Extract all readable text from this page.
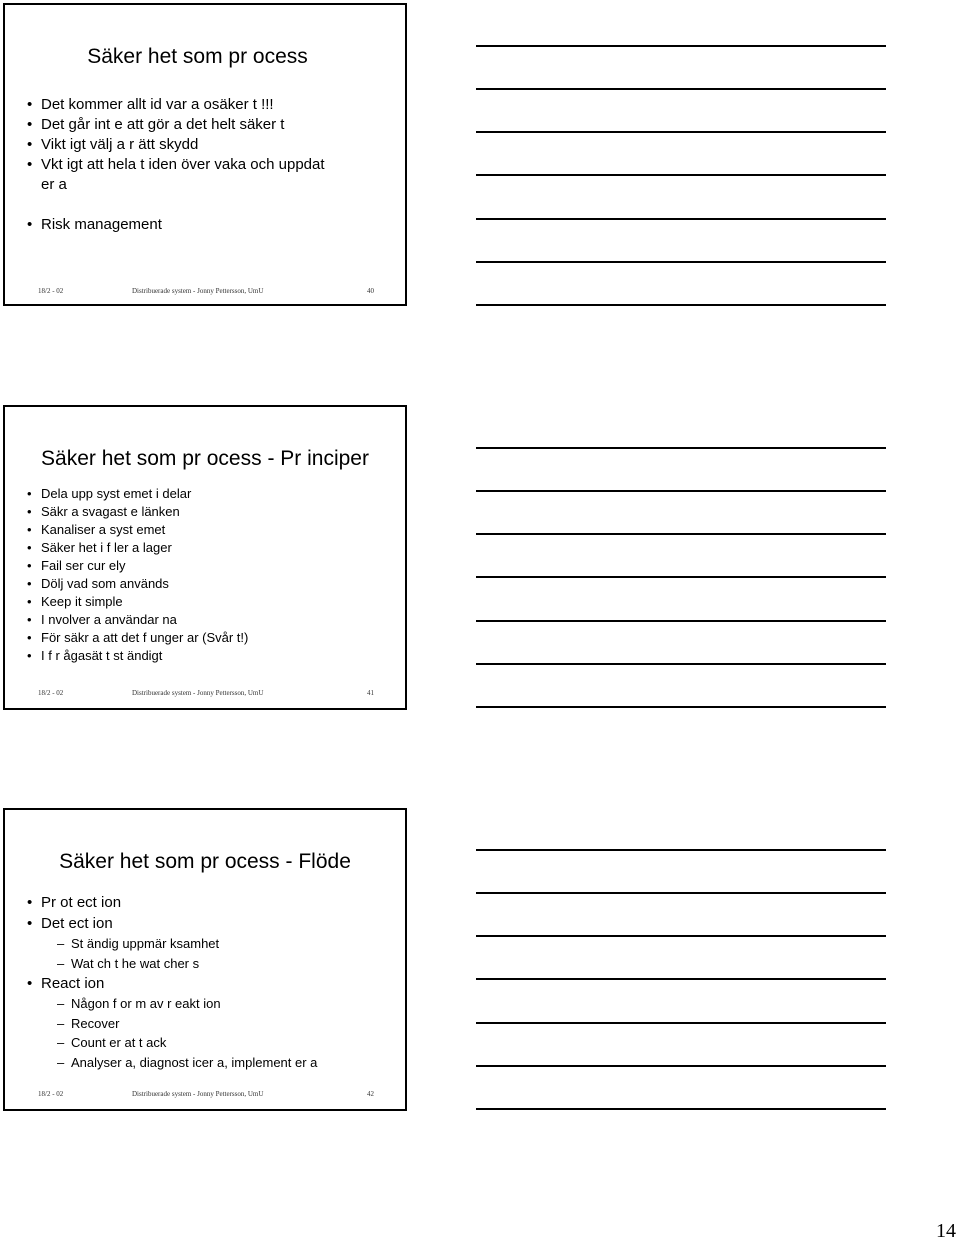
Säker het som pr ocess
• Det kommer allt id var a osäker t !!!
• Det går int e att gör a det helt säker t
• Vikt igt välj a r ätt skydd
• Vkt igt att hela t iden över vaka och uppdat er a
• Risk management
18/2 - 02	Distribuerade system - Jonny Pettersson, UmU	40
Säker het som pr ocess - Pr inciper
• Dela upp syst emet i delar
• Säkr a svagast e länken
• Kanaliser a syst emet
• Säker het i f ler a lager
• Fail ser cur ely
• Dölj vad som används
• Keep it simple
• I nvolver a användar na
• För säkr a att det f unger ar (Svår t!)
• I f r ågasät t st ändigt
18/2 - 02	Distribuerade system - Jonny Pettersson, UmU	41
Säker het som pr ocess - Flöde
• Pr ot ect ion
• Det ect ion
– St ändig uppmär ksamhet
– Wat ch t he wat cher s
• React ion
– Någon f or m av r eakt ion
– Recover
– Count er at t ack
– Analyser a, diagnost icer a, implement er a
18/2 - 02	Distribuerade system - Jonny Pettersson, UmU	42
14
